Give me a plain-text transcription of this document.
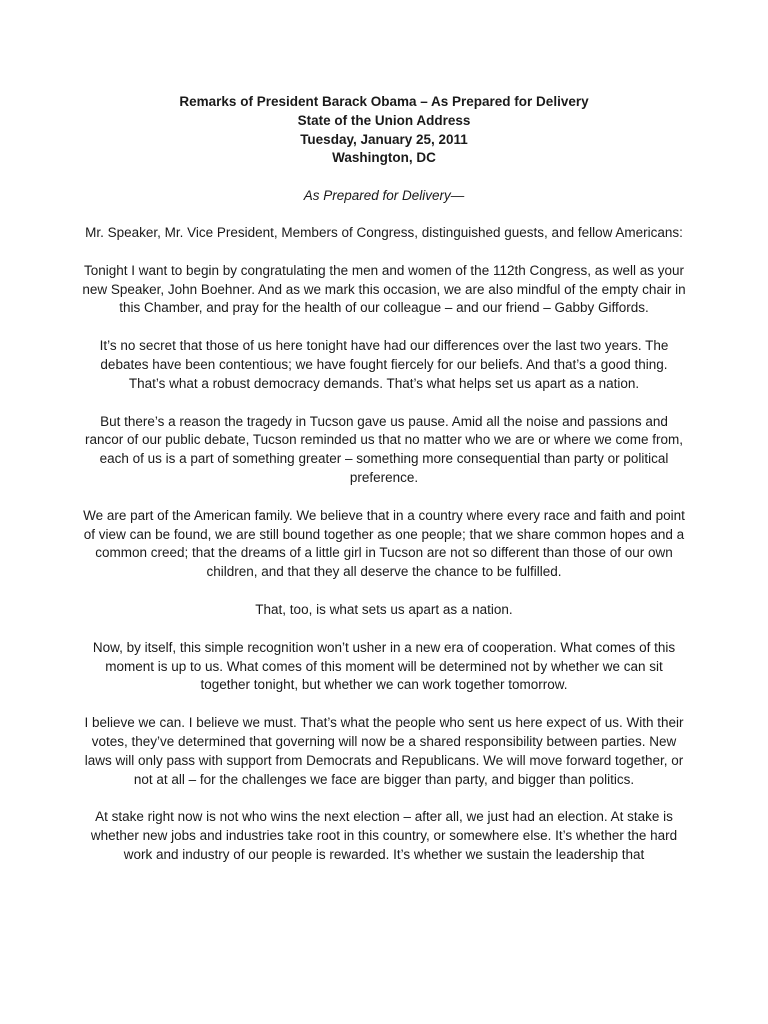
Remarks of President Barack Obama – As Prepared for Delivery
State of the Union Address
Tuesday, January 25, 2011
Washington, DC
As Prepared for Delivery—

Mr. Speaker, Mr. Vice President, Members of Congress, distinguished guests, and fellow Americans:

Tonight I want to begin by congratulating the men and women of the 112th Congress, as well as your new Speaker, John Boehner. And as we mark this occasion, we are also mindful of the empty chair in this Chamber, and pray for the health of our colleague – and our friend – Gabby Giffords.

It’s no secret that those of us here tonight have had our differences over the last two years. The debates have been contentious; we have fought fiercely for our beliefs. And that’s a good thing. That’s what a robust democracy demands. That’s what helps set us apart as a nation.

But there’s a reason the tragedy in Tucson gave us pause. Amid all the noise and passions and rancor of our public debate, Tucson reminded us that no matter who we are or where we come from, each of us is a part of something greater – something more consequential than party or political preference.

We are part of the American family. We believe that in a country where every race and faith and point of view can be found, we are still bound together as one people; that we share common hopes and a common creed; that the dreams of a little girl in Tucson are not so different than those of our own children, and that they all deserve the chance to be fulfilled.

That, too, is what sets us apart as a nation.

Now, by itself, this simple recognition won’t usher in a new era of cooperation. What comes of this moment is up to us. What comes of this moment will be determined not by whether we can sit together tonight, but whether we can work together tomorrow.

I believe we can. I believe we must. That’s what the people who sent us here expect of us. With their votes, they’ve determined that governing will now be a shared responsibility between parties. New laws will only pass with support from Democrats and Republicans. We will move forward together, or not at all – for the challenges we face are bigger than party, and bigger than politics.

At stake right now is not who wins the next election – after all, we just had an election. At stake is whether new jobs and industries take root in this country, or somewhere else. It’s whether the hard work and industry of our people is rewarded. It’s whether we sustain the leadership that
